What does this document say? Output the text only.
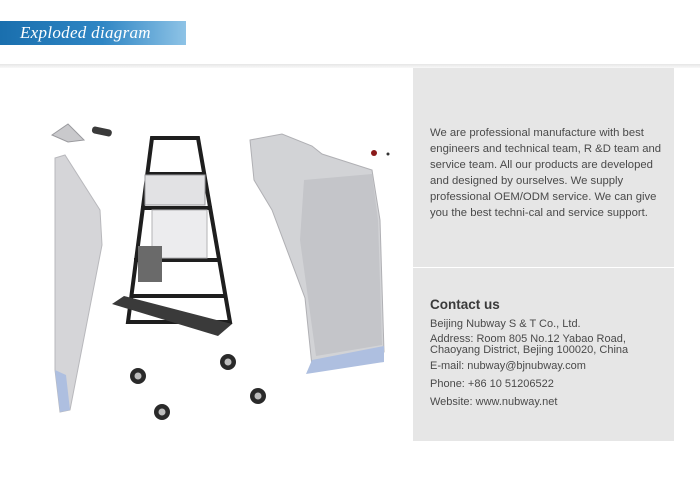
Exploded diagram

We are professional manufacture with best engineers and technical team, R &D team and service team. All our products are developed and designed by ourselves. We supply professional OEM/ODM service. We can give you the best techni-cal and service support.

Contact us
Beijing Nubway S & T Co., Ltd.
Address: Room 805 No.12 Yabao Road, Chaoyang District, Bejing 100020, China
E-mail: nubway@bjnubway.com
Phone: +86 10 51206522
Website: www.nubway.net
